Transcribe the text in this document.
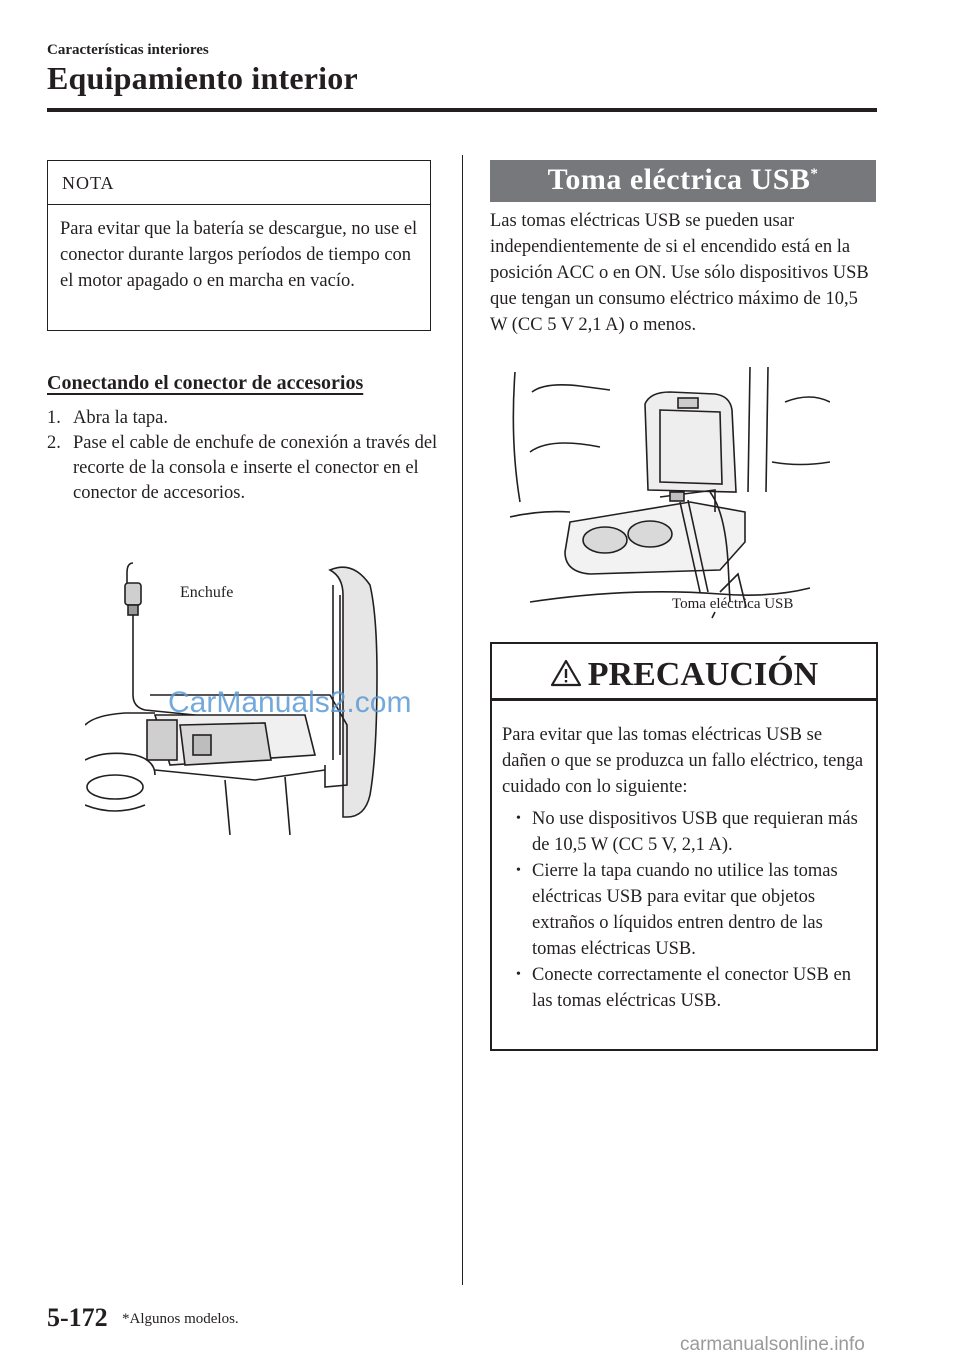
Características interiores
Equipamiento interior
NOTA

Para evitar que la batería se descargue, no use el conector durante largos períodos de tiempo con el motor apagado o en marcha en vacío.

Conectando el conector de accesorios
1. Abra la tapa.
2. Pase el cable de enchufe de conexión a través del recorte de la consola e inserte el conector en el conector de accesorios.
Enchufe
CarManuals2.com
Toma eléctrica USB*

Las tomas eléctricas USB se pueden usar independientemente de si el encendido está en la posición ACC o en ON. Use sólo dispositivos USB que tengan un consumo eléctrico máximo de 10,5 W (CC 5 V 2,1 A) o menos.

Toma eléctrica USB
PRECAUCIÓN

Para evitar que las tomas eléctricas USB se dañen o que se produzca un fallo eléctrico, tenga cuidado con lo siguiente:

• No use dispositivos USB que requieran más de 10,5 W (CC 5 V, 2,1 A).
• Cierre la tapa cuando no utilice las tomas eléctricas USB para evitar que objetos extraños o líquidos entren dentro de las tomas eléctricas USB.
• Conecte correctamente el conector USB en las tomas eléctricas USB.
5-172 *Algunos modelos.
carmanualsonline.info
